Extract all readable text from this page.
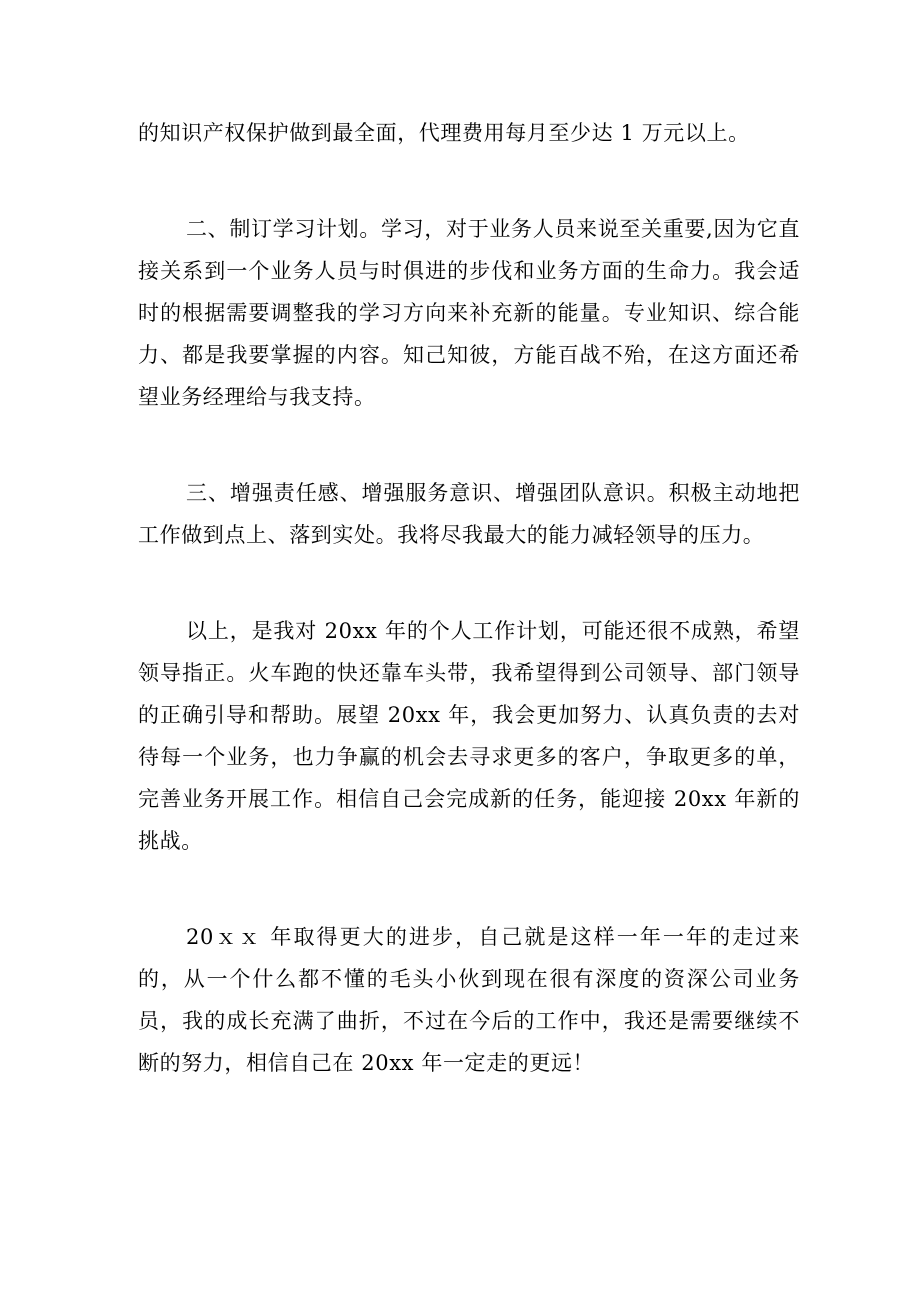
的知识产权保护做到最全面，代理费用每月至少达 1 万元以上。

二、制订学习计划。学习，对于业务人员来说至关重要,因为它直接关系到一个业务人员与时俱进的步伐和业务方面的生命力。我会适时的根据需要调整我的学习方向来补充新的能量。专业知识、综合能力、都是我要掌握的内容。知己知彼，方能百战不殆，在这方面还希望业务经理给与我支持。

三、增强责任感、增强服务意识、增强团队意识。积极主动地把工作做到点上、落到实处。我将尽我最大的能力减轻领导的压力。

以上，是我对 20xx 年的个人工作计划，可能还很不成熟，希望领导指正。火车跑的快还靠车头带，我希望得到公司领导、部门领导的正确引导和帮助。展望 20xx 年，我会更加努力、认真负责的去对待每一个业务，也力争赢的机会去寻求更多的客户，争取更多的单，完善业务开展工作。相信自己会完成新的任务，能迎接 20xx 年新的挑战。

20ｘｘ 年取得更大的进步，自己就是这样一年一年的走过来的，从一个什么都不懂的毛头小伙到现在很有深度的资深公司业务员，我的成长充满了曲折，不过在今后的工作中，我还是需要继续不断的努力，相信自己在 20xx 年一定走的更远！
